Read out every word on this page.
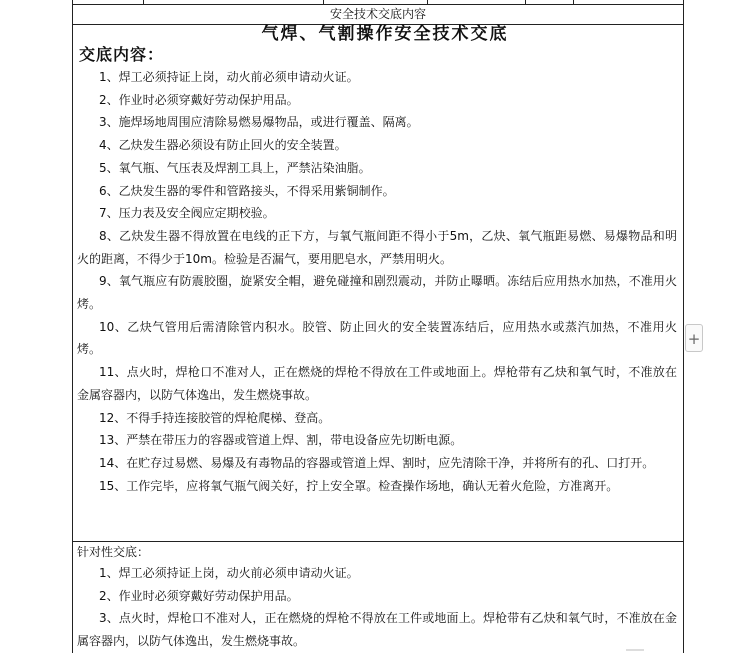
安全技术交底内容
气焊、气割操作安全技术交底
交底内容：
1、焊工必须持证上岗，动火前必须申请动火证。
2、作业时必须穿戴好劳动保护用品。
3、施焊场地周围应清除易燃易爆物品，或进行覆盖、隔离。
4、乙炔发生器必须设有防止回火的安全装置。
5、氧气瓶、气压表及焊割工具上，严禁沾染油脂。
6、乙炔发生器的零件和管路接头，不得采用紫铜制作。
7、压力表及安全阀应定期校验。
8、乙炔发生器不得放置在电线的正下方，与氧气瓶间距不得小于5m，乙炔、氧气瓶距易燃、易爆物品和明火的距离，不得少于10m。检验是否漏气，要用肥皂水，严禁用明火。
9、氧气瓶应有防震胶圈，旋紧安全帽，避免碰撞和剧烈震动，并防止曝晒。冻结后应用热水加热，不准用火烤。
10、乙炔气管用后需清除管内积水。胶管、防止回火的安全装置冻结后，应用热水或蒸汽加热，不准用火烤。
11、点火时，焊枪口不准对人，正在燃烧的焊枪不得放在工件或地面上。焊枪带有乙炔和氧气时，不准放在金属容器内，以防气体逸出，发生燃烧事故。
12、不得手持连接胶管的焊枪爬梯、登高。
13、严禁在带压力的容器或管道上焊、割，带电设备应先切断电源。
14、在贮存过易燃、易爆及有毒物品的容器或管道上焊、割时，应先清除干净，并将所有的孔、口打开。
15、工作完毕，应将氧气瓶气阀关好，拧上安全罩。检查操作场地，确认无着火危险，方准离开。
针对性交底：
1、焊工必须持证上岗，动火前必须申请动火证。
2、作业时必须穿戴好劳动保护用品。
3、点火时，焊枪口不准对人，正在燃烧的焊枪不得放在工件或地面上。焊枪带有乙炔和氧气时，不准放在金属容器内，以防气体逸出，发生燃烧事故。
+
